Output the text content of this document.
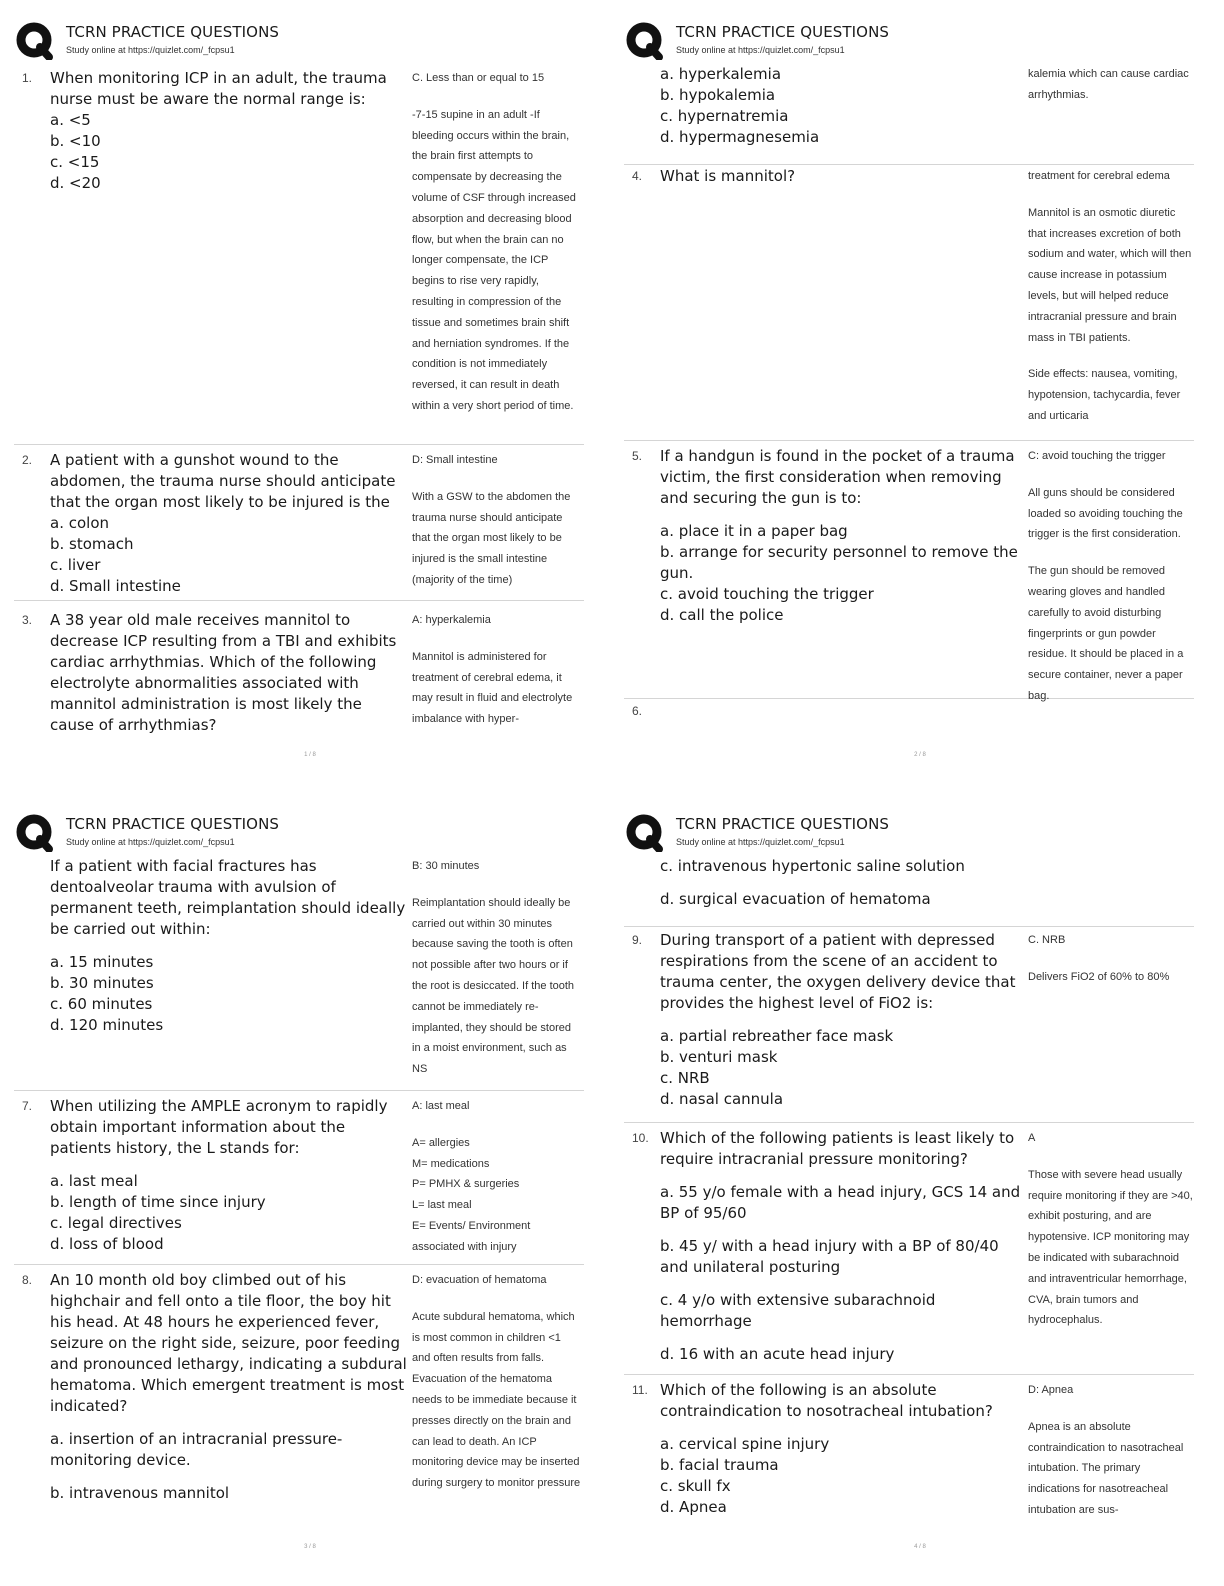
TCRN PRACTICE QUESTIONS
Study online at https://quizlet.com/_fcpsu1
1. When monitoring ICP in an adult, the trauma nurse must be aware the normal range is:
a. <5
b. <10
c. <15
d. <20
C. Less than or equal to 15
-7-15 supine in an adult -If bleeding occurs within the brain, the brain first attempts to compensate by decreasing the volume of CSF through increased absorption and decreasing blood flow, but when the brain can no longer compensate, the ICP begins to rise very rapidly, resulting in compression of the tissue and sometimes brain shift and herniation syndromes. If the condition is not immediately reversed, it can result in death within a very short period of time.
2. A patient with a gunshot wound to the abdomen, the trauma nurse should anticipate that the organ most likely to be injured is the
a. colon
b. stomach
c. liver
d. Small intestine
D: Small intestine
With a GSW to the abdomen the trauma nurse should anticipate that the organ most likely to be injured is the small intestine (majority of the time)
3. A 38 year old male receives mannitol to decrease ICP resulting from a TBI and exhibits cardiac arrhythmias. Which of the following electrolyte abnormalities associated with mannitol administration is most likely the cause of arrhythmias?
A: hyperkalemia
Mannitol is administered for treatment of cerebral edema, it may result in fluid and electrolyte imbalance with hyper-
1 / 8
TCRN PRACTICE QUESTIONS
Study online at https://quizlet.com/_fcpsu1
a. hyperkalemia
b. hypokalemia
c. hypernatremia
d. hypermagnesemia
kalemia which can cause cardiac arrhythmias.
4. What is mannitol?	treatment for cerebral edema
Mannitol is an osmotic diuretic that increases excretion of both sodium and water, which will then cause increase in potassium levels, but will helped reduce intracranial pressure and brain mass in TBI patients.
Side effects: nausea, vomiting, hypotension, tachycardia, fever and urticaria
5. If a handgun is found in the pocket of a trauma victim, the first consideration when removing and securing the gun is to:
a. place it in a paper bag
b. arrange for security personnel to remove the gun.
c. avoid touching the trigger
d. call the police
C: avoid touching the trigger
All guns should be considered loaded so avoiding touching the trigger is the first consideration.
The gun should be removed wearing gloves and handled carefully to avoid disturbing fingerprints or gun powder residue. It should be placed in a secure container, never a paper bag.
6.
2 / 8
TCRN PRACTICE QUESTIONS
Study online at https://quizlet.com/_fcpsu1
If a patient with facial fractures has dentoalveolar trauma with avulsion of permanent teeth, reimplantation should ideally be carried out within:
a. 15 minutes
b. 30 minutes
c. 60 minutes
d. 120 minutes
B: 30 minutes
Reimplantation should ideally be carried out within 30 minutes because saving the tooth is often not possible after two hours or if the root is desiccated. If the tooth cannot be immediately re-implanted, they should be stored in a moist environment, such as NS
7. When utilizing the AMPLE acronym to rapidly obtain important information about the patients history, the L stands for:
a. last meal
b. length of time since injury
c. legal directives
d. loss of blood
A: last meal
A= allergies
M= medications
P= PMHX & surgeries
L= last meal
E= Events/ Environment associated with injury
8. An 10 month old boy climbed out of his highchair and fell onto a tile floor, the boy hit his head. At 48 hours he experienced fever, seizure on the right side, seizure, poor feeding and pronounced lethargy, indicating a subdural hematoma. Which emergent treatment is most indicated?
a. insertion of an intracranial pressure-monitoring device.
b. intravenous mannitol
D: evacuation of hematoma
Acute subdural hematoma, which is most common in children <1 and often results from falls. Evacuation of the hematoma needs to be immediate because it presses directly on the brain and can lead to death. An ICP monitoring device may be inserted during surgery to monitor pressure
3 / 8
TCRN PRACTICE QUESTIONS
Study online at https://quizlet.com/_fcpsu1
c. intravenous hypertonic saline solution
d. surgical evacuation of hematoma
9. During transport of a patient with depressed respirations from the scene of an accident to trauma center, the oxygen delivery device that provides the highest level of FiO2 is:
a. partial rebreather face mask
b. venturi mask
c. NRB
d. nasal cannula
C. NRB
Delivers FiO2 of 60% to 80%
10. Which of the following patients is least likely to require intracranial pressure monitoring?
a. 55 y/o female with a head injury, GCS 14 and BP of 95/60
b. 45 y/ with a head injury with a BP of 80/40 and unilateral posturing
c. 4 y/o with extensive subarachnoid hemorrhage
d. 16 with an acute head injury
A
Those with severe head usually require monitoring if they are >40, exhibit posturing, and are hypotensive. ICP monitoring may be indicated with subarachnoid and intraventricular hemorrhage, CVA, brain tumors and hydrocephalus.
11. Which of the following is an absolute contraindication to nosotracheal intubation?
a. cervical spine injury
b. facial trauma
c. skull fx
d. Apnea
D: Apnea
Apnea is an absolute contraindication to nasotracheal intubation. The primary indications for nasotreacheal intubation are sus-
4 / 8
